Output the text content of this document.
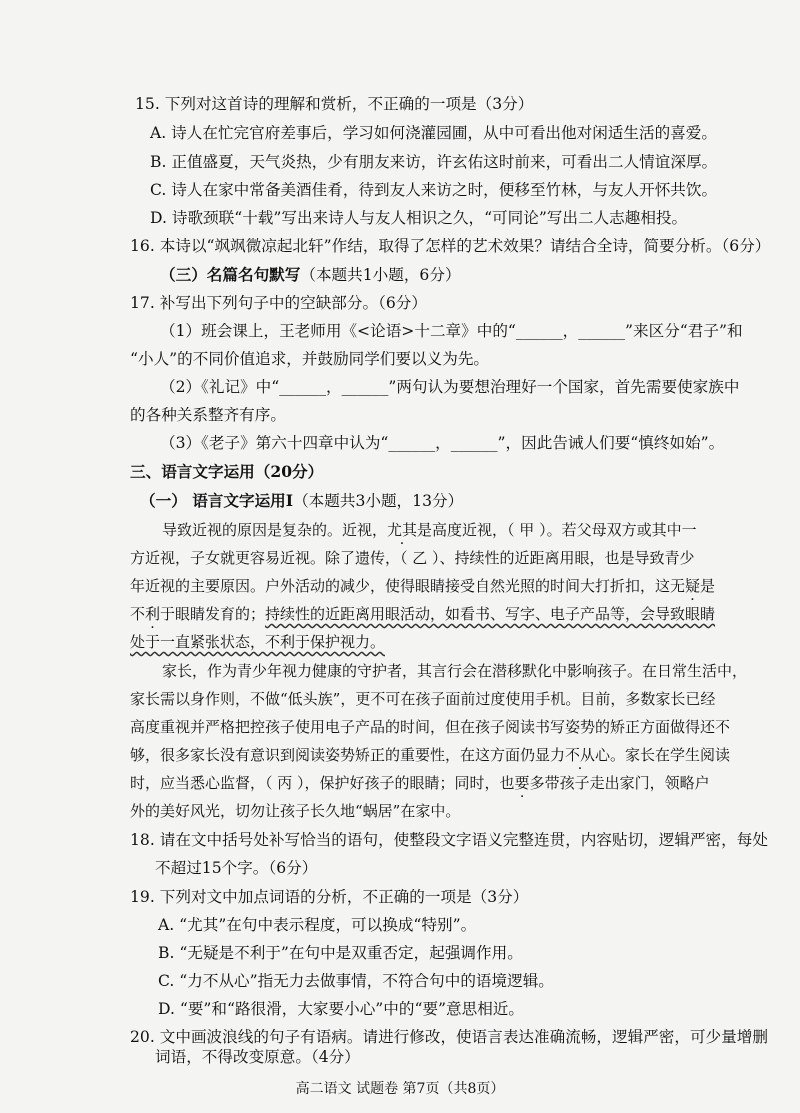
15. 下列对这首诗的理解和赏析，不正确的一项是（3分）
A. 诗人在忙完官府差事后，学习如何浇灌园圃，从中可看出他对闲适生活的喜爱。
B. 正值盛夏，天气炎热，少有朋友来访，许玄佑这时前来，可看出二人情谊深厚。
C. 诗人在家中常备美酒佳肴，待到友人来访之时，便移至竹林，与友人开怀共饮。
D. 诗歌颈联“十载”写出来诗人与友人相识之久，“可同论”写出二人志趣相投。
16. 本诗以“飒飒微凉起北轩”作结，取得了怎样的艺术效果？请结合全诗，简要分析。（6分）
（三）名篇名句默写（本题共1小题，6分）
17. 补写出下列句子中的空缺部分。（6分）
（1）班会课上，王老师用《<论语>十二章》中的“______，______”来区分“君子”和
“小人”的不同价值追求，并鼓励同学们要以义为先。
（2）《礼记》中“______，______”两句认为要想治理好一个国家，首先需要使家族中
的各种关系整齐有序。
（3）《老子》第六十四章中认为“______，______”，因此告诫人们要“慎终如始”。
三、语言文字运用（20分）
（一） 语言文字运用Ⅰ（本题共3小题，13分）
导致近视的原因是复杂的。近视，尤其是高度近视，（ 甲 ）。若父母双方或其中一
方近视，子女就更容易近视。除了遗传，（ 乙 ）、持续性的近距离用眼，也是导致青少
年近视的主要原因。户外活动的减少，使得眼睛接受自然光照的时间大打折扣，这无疑是
不利于眼睛发育的；持续性的近距离用眼活动，如看书、写字、电子产品等，会导致眼睛
处于一直紧张状态，不利于保护视力。
家长，作为青少年视力健康的守护者，其言行会在潜移默化中影响孩子。在日常生活中，
家长需以身作则，不做“低头族”，更不可在孩子面前过度使用手机。目前，多数家长已经
高度重视并严格把控孩子使用电子产品的时间，但在孩子阅读书写姿势的矫正方面做得还不
够，很多家长没有意识到阅读姿势矫正的重要性，在这方面仍显力不从心。家长在学生阅读
时，应当悉心监督，（ 丙 ），保护好孩子的眼睛；同时，也要多带孩子走出家门，领略户
外的美好风光，切勿让孩子长久地“蜗居”在家中。
18. 请在文中括号处补写恰当的语句，使整段文字语义完整连贯，内容贴切，逻辑严密，每处
不超过15个字。（6分）
19. 下列对文中加点词语的分析，不正确的一项是（3分）
A. “尤其”在句中表示程度，可以换成“特别”。
B. “无疑是不利于”在句中是双重否定，起强调作用。
C. “力不从心”指无力去做事情，不符合句中的语境逻辑。
D. “要”和“路很滑，大家要小心”中的“要”意思相近。
20. 文中画波浪线的句子有语病。请进行修改，使语言表达准确流畅，逻辑严密，可少量增删
词语，不得改变原意。（4分）
高二语文 试题卷 第7页（共8页）
